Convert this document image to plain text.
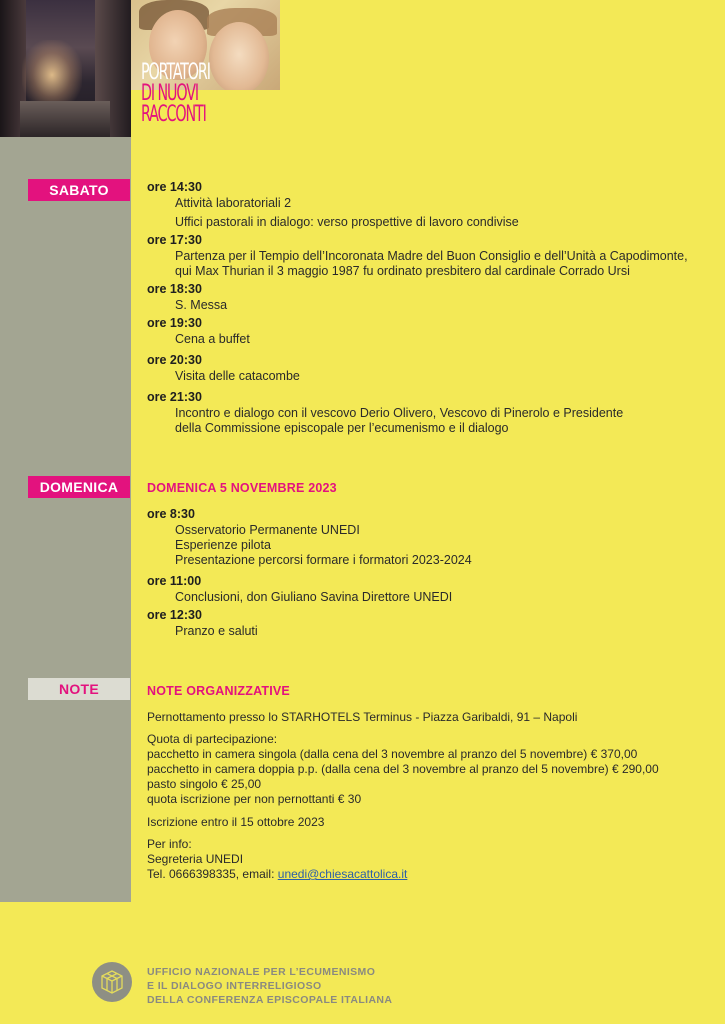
PORTATORI
DI NUOVI
RACCONTI
SABATO	ore 14:30
Attività laboratoriali 2
Uffici pastorali in dialogo: verso prospettive di lavoro condivise
ore 17:30
Partenza per il Tempio dell’Incoronata Madre del Buon Consiglio e dell’Unità a Capodimonte,
qui Max Thurian il 3 maggio 1987 fu ordinato presbitero dal cardinale Corrado Ursi
ore 18:30
S. Messa
ore 19:30
Cena a buffet
ore 20:30
Visita delle catacombe
ore 21:30
Incontro e dialogo con il vescovo Derio Olivero, Vescovo di Pinerolo e Presidente
della Commissione episcopale per l’ecumenismo e il dialogo
DOMENICA	DOMENICA 5 NOVEMBRE 2023
ore 8:30
Osservatorio Permanente UNEDI
Esperienze pilota
Presentazione percorsi formare i formatori 2023-2024
ore 11:00
Conclusioni, don Giuliano Savina Direttore UNEDI
ore 12:30
Pranzo e saluti
NOTE	NOTE ORGANIZZATIVE
Pernottamento presso lo STARHOTELS Terminus - Piazza Garibaldi, 91 – Napoli
Quota di partecipazione:
pacchetto in camera singola (dalla cena del 3 novembre al pranzo del 5 novembre) € 370,00
pacchetto in camera doppia p.p. (dalla cena del 3 novembre al pranzo del 5 novembre) € 290,00
pasto singolo € 25,00
quota iscrizione per non pernottanti € 30
Iscrizione entro il 15 ottobre 2023
Per info:
Segreteria UNEDI
Tel. 0666398335, email: unedi@chiesacattolica.it
UFFICIO NAZIONALE PER L’ECUMENISMO
E IL DIALOGO INTERRELIGIOSO
DELLA CONFERENZA EPISCOPALE ITALIANA
